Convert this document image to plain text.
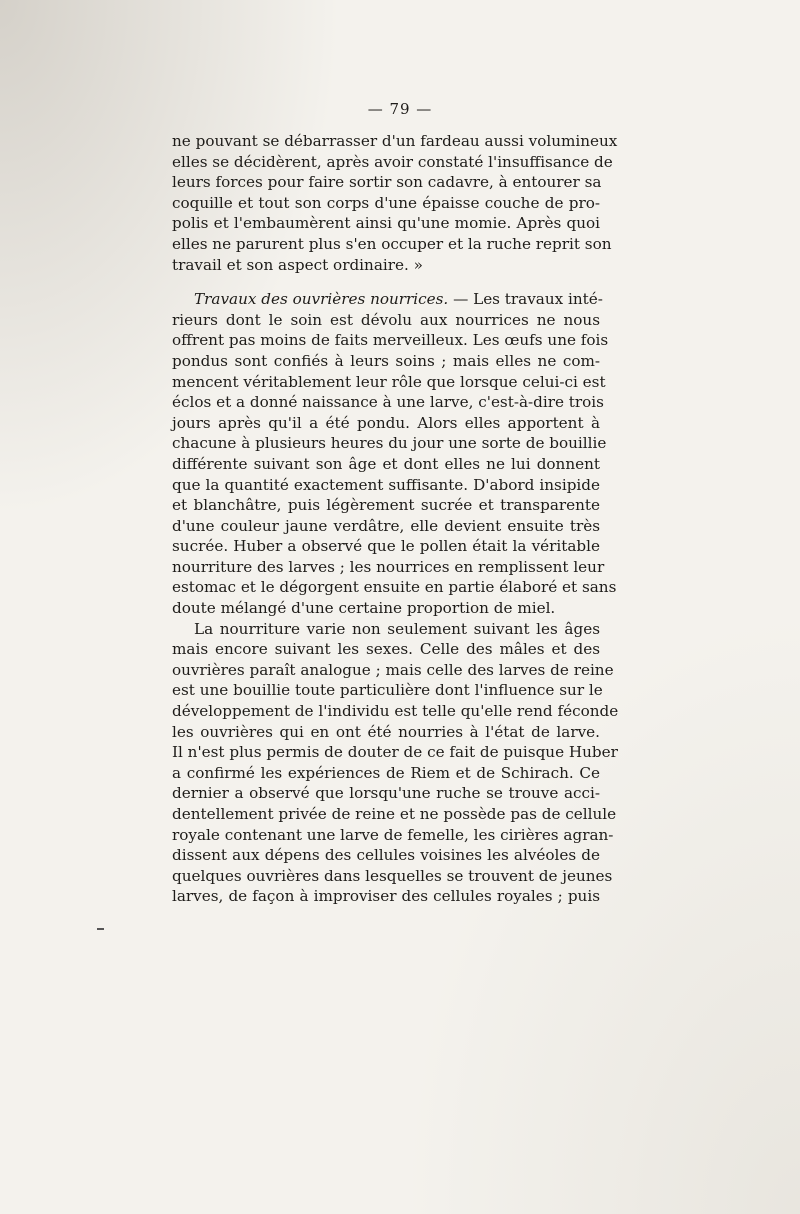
— 79 —
ne pouvant se débarrasser d'un fardeau aussi volumineux
elles se décidèrent, après avoir constaté l'insuffisance de
leurs forces pour faire sortir son cadavre, à entourer sa
coquille et tout son corps d'une épaisse couche de pro-
polis et l'embaumèrent ainsi qu'une momie. Après quoi
elles ne parurent plus s'en occuper et la ruche reprit son
travail et son aspect ordinaire. »
Travaux des ouvrières nourrices. — Les travaux inté-
rieurs dont le soin est dévolu aux nourrices ne nous
offrent pas moins de faits merveilleux. Les œufs une fois
pondus sont confiés à leurs soins ; mais elles ne com-
mencent véritablement leur rôle que lorsque celui-ci est
éclos et a donné naissance à une larve, c'est-à-dire trois
jours après qu'il a été pondu. Alors elles apportent à
chacune à plusieurs heures du jour une sorte de bouillie
différente suivant son âge et dont elles ne lui donnent
que la quantité exactement suffisante. D'abord insipide
et blanchâtre, puis légèrement sucrée et transparente
d'une couleur jaune verdâtre, elle devient ensuite très
sucrée. Huber a observé que le pollen était la véritable
nourriture des larves ; les nourrices en remplissent leur
estomac et le dégorgent ensuite en partie élaboré et sans
doute mélangé d'une certaine proportion de miel.
La nourriture varie non seulement suivant les âges
mais encore suivant les sexes. Celle des mâles et des
ouvrières paraît analogue ; mais celle des larves de reine
est une bouillie toute particulière dont l'influence sur le
développement de l'individu est telle qu'elle rend féconde
les ouvrières qui en ont été nourries à l'état de larve.
Il n'est plus permis de douter de ce fait de puisque Huber
a confirmé les expériences de Riem et de Schirach. Ce
dernier a observé que lorsqu'une ruche se trouve acci-
dentellement privée de reine et ne possède pas de cellule
royale contenant une larve de femelle, les cirières agran-
dissent aux dépens des cellules voisines les alvéoles de
quelques ouvrières dans lesquelles se trouvent de jeunes
larves, de façon à improviser des cellules royales ; puis
